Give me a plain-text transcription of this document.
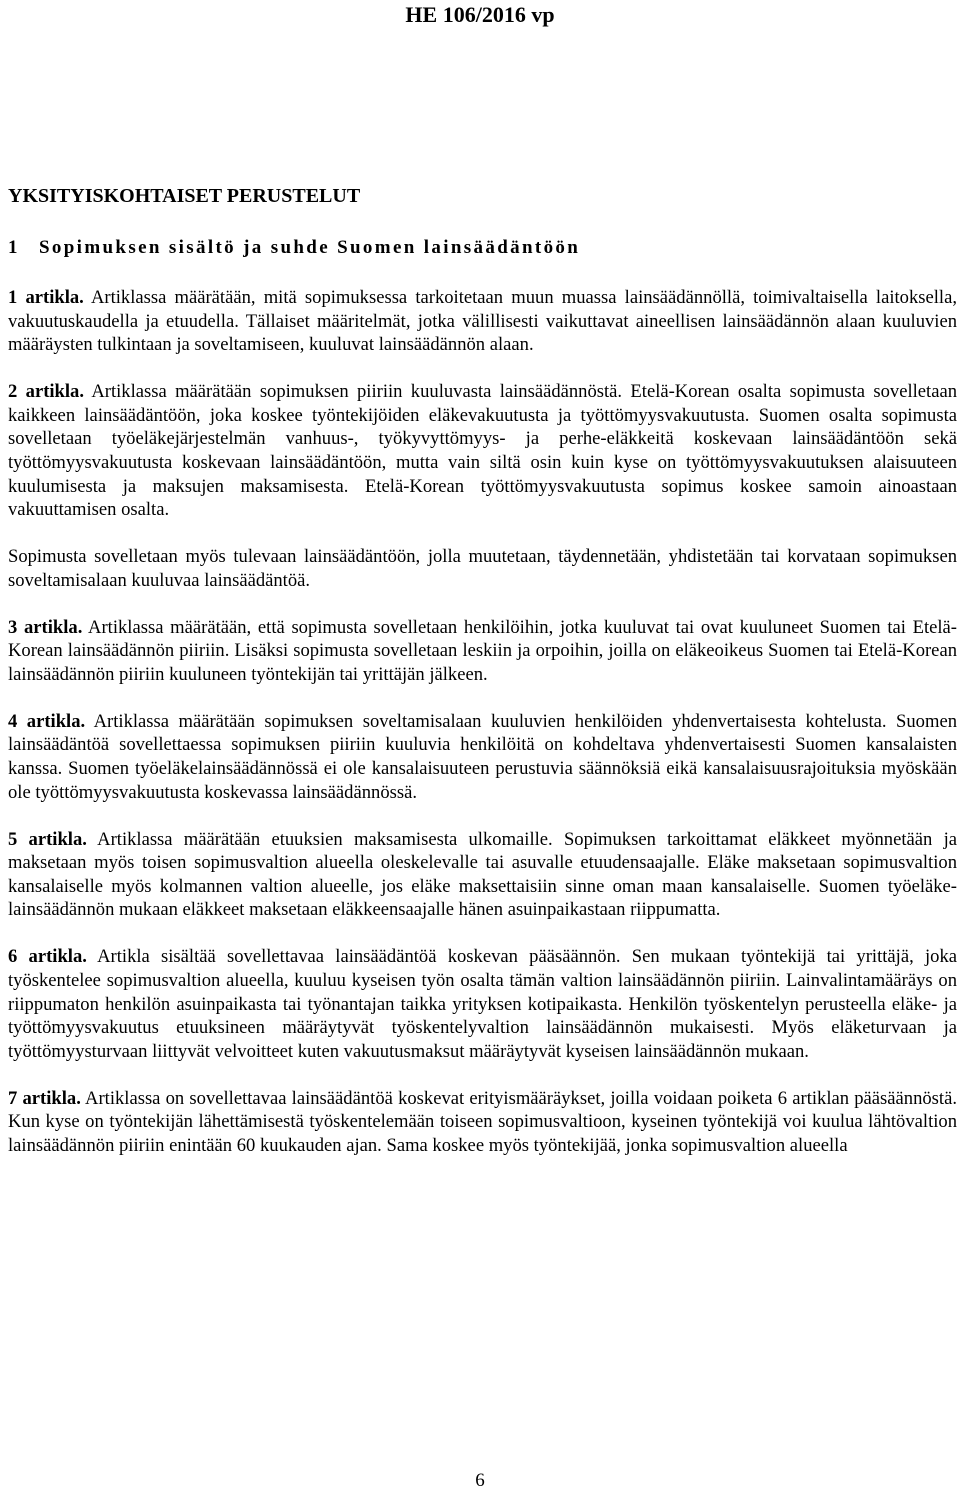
HE 106/2016 vp
YKSITYISKOHTAISET PERUSTELUT
1 Sopimuksen sisältö ja suhde Suomen lainsäädäntöön

1 artikla. Artiklassa määrätään, mitä sopimuksessa tarkoitetaan muun muassa lainsäädännöllä, toimivaltaisella laitoksella, vakuutuskaudella ja etuudella. Tällaiset määritelmät, jotka välillisesti vaikuttavat aineellisen lainsäädännön alaan kuuluvien määräysten tulkintaan ja soveltamiseen, kuuluvat lainsäädännön alaan.

2 artikla. Artiklassa määrätään sopimuksen piiriin kuuluvasta lainsäädännöstä. Etelä-Korean osalta sopimusta sovelletaan kaikkeen lainsäädäntöön, joka koskee työntekijöiden eläkevakuutusta ja työttömyysvakuutusta. Suomen osalta sopimusta sovelletaan työeläkejärjestelmän vanhuus-, työkyvyttömyys- ja perhe-eläkkeitä koskevaan lainsäädäntöön sekä työttömyysvakuutusta koskevaan lainsäädäntöön, mutta vain siltä osin kuin kyse on työttömyysvakuutuksen alaisuuteen kuulumisesta ja maksujen maksamisesta. Etelä-Korean työttömyysvakuutusta sopimus koskee samoin ainoastaan vakuuttamisen osalta.

Sopimusta sovelletaan myös tulevaan lainsäädäntöön, jolla muutetaan, täydennetään, yhdistetään tai korvataan sopimuksen soveltamisalaan kuuluvaa lainsäädäntöä.

3 artikla. Artiklassa määrätään, että sopimusta sovelletaan henkilöihin, jotka kuuluvat tai ovat kuuluneet Suomen tai Etelä-Korean lainsäädännön piiriin. Lisäksi sopimusta sovelletaan leskiin ja orpoihin, joilla on eläkeoikeus Suomen tai Etelä-Korean lainsäädännön piiriin kuuluneen työntekijän tai yrittäjän jälkeen.

4 artikla. Artiklassa määrätään sopimuksen soveltamisalaan kuuluvien henkilöiden yhdenvertaisesta kohtelusta. Suomen lainsäädäntöä sovellettaessa sopimuksen piiriin kuuluvia henkilöitä on kohdeltava yhdenvertaisesti Suomen kansalaisten kanssa. Suomen työeläkelainsäädännössä ei ole kansalaisuuteen perustuvia säännöksiä eikä kansalaisuusrajoituksia myöskään ole työttömyysvakuutusta koskevassa lainsäädännössä.

5 artikla. Artiklassa määrätään etuuksien maksamisesta ulkomaille. Sopimuksen tarkoittamat eläkkeet myönnetään ja maksetaan myös toisen sopimusvaltion alueella oleskelevalle tai asuvalle etuudensaajalle. Eläke maksetaan sopimusvaltion kansalaiselle myös kolmannen valtion alueelle, jos eläke maksettaisiin sinne oman maan kansalaiselle. Suomen työeläkelainsäädännön mukaan eläkkeet maksetaan eläkkeensaajalle hänen asuinpaikastaan riippumatta.

6 artikla. Artikla sisältää sovellettavaa lainsäädäntöä koskevan pääsäännön. Sen mukaan työntekijä tai yrittäjä, joka työskentelee sopimusvaltion alueella, kuuluu kyseisen työn osalta tämän valtion lainsäädännön piiriin. Lainvalintamääräys on riippumaton henkilön asuinpaikasta tai työnantajan taikka yrityksen kotipaikasta. Henkilön työskentelyn perusteella eläke- ja työttömyysvakuutus etuuksineen määräytyvät työskentelyvaltion lainsäädännön mukaisesti. Myös eläketurvaan ja työttömyysturvaan liittyvät velvoitteet kuten vakuutusmaksut määräytyvät kyseisen lainsäädännön mukaan.

7 artikla. Artiklassa on sovellettavaa lainsäädäntöä koskevat erityismääräykset, joilla voidaan poiketa 6 artiklan pääsäännöstä. Kun kyse on työntekijän lähettämisestä työskentelemään toiseen sopimusvaltioon, kyseinen työntekijä voi kuulua lähtövaltion lainsäädännön piiriin enintään 60 kuukauden ajan. Sama koskee myös työntekijää, jonka sopimusvaltion alueella

6
